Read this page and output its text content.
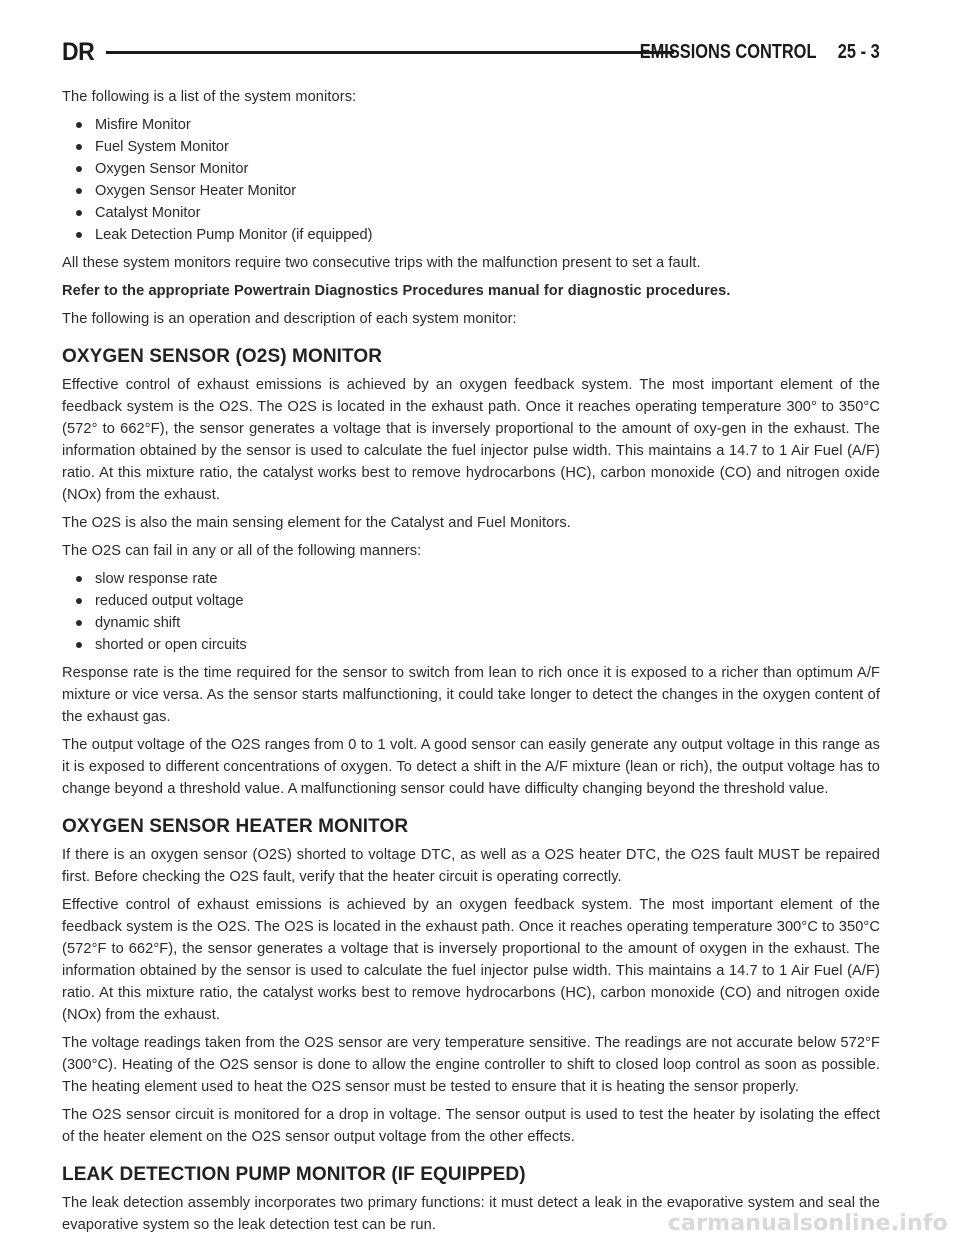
DR	EMISSIONS CONTROL 25 - 3

The following is a list of the system monitors:

Misfire Monitor
Fuel System Monitor
Oxygen Sensor Monitor
Oxygen Sensor Heater Monitor
Catalyst Monitor
Leak Detection Pump Monitor (if equipped)

All these system monitors require two consecutive trips with the malfunction present to set a fault.

Refer to the appropriate Powertrain Diagnostics Procedures manual for diagnostic procedures.

The following is an operation and description of each system monitor:

OXYGEN SENSOR (O2S) MONITOR

Effective control of exhaust emissions is achieved by an oxygen feedback system. The most important element of the feedback system is the O2S. The O2S is located in the exhaust path. Once it reaches operating temperature 300° to 350°C (572° to 662°F), the sensor generates a voltage that is inversely proportional to the amount of oxy-gen in the exhaust. The information obtained by the sensor is used to calculate the fuel injector pulse width. This maintains a 14.7 to 1 Air Fuel (A/F) ratio. At this mixture ratio, the catalyst works best to remove hydrocarbons (HC), carbon monoxide (CO) and nitrogen oxide (NOx) from the exhaust.

The O2S is also the main sensing element for the Catalyst and Fuel Monitors.

The O2S can fail in any or all of the following manners:

slow response rate
reduced output voltage
dynamic shift
shorted or open circuits

Response rate is the time required for the sensor to switch from lean to rich once it is exposed to a richer than optimum A/F mixture or vice versa. As the sensor starts malfunctioning, it could take longer to detect the changes in the oxygen content of the exhaust gas.

The output voltage of the O2S ranges from 0 to 1 volt. A good sensor can easily generate any output voltage in this range as it is exposed to different concentrations of oxygen. To detect a shift in the A/F mixture (lean or rich), the output voltage has to change beyond a threshold value. A malfunctioning sensor could have difficulty changing beyond the threshold value.

OXYGEN SENSOR HEATER MONITOR

If there is an oxygen sensor (O2S) shorted to voltage DTC, as well as a O2S heater DTC, the O2S fault MUST be repaired first. Before checking the O2S fault, verify that the heater circuit is operating correctly.

Effective control of exhaust emissions is achieved by an oxygen feedback system. The most important element of the feedback system is the O2S. The O2S is located in the exhaust path. Once it reaches operating temperature 300°C to 350°C (572°F to 662°F), the sensor generates a voltage that is inversely proportional to the amount of oxygen in the exhaust. The information obtained by the sensor is used to calculate the fuel injector pulse width. This maintains a 14.7 to 1 Air Fuel (A/F) ratio. At this mixture ratio, the catalyst works best to remove hydrocarbons (HC), carbon monoxide (CO) and nitrogen oxide (NOx) from the exhaust.

The voltage readings taken from the O2S sensor are very temperature sensitive. The readings are not accurate below 572°F (300°C). Heating of the O2S sensor is done to allow the engine controller to shift to closed loop control as soon as possible. The heating element used to heat the O2S sensor must be tested to ensure that it is heating the sensor properly.

The O2S sensor circuit is monitored for a drop in voltage. The sensor output is used to test the heater by isolating the effect of the heater element on the O2S sensor output voltage from the other effects.

LEAK DETECTION PUMP MONITOR (IF EQUIPPED)

The leak detection assembly incorporates two primary functions: it must detect a leak in the evaporative system and seal the evaporative system so the leak detection test can be run.	carmanualsonline.info
